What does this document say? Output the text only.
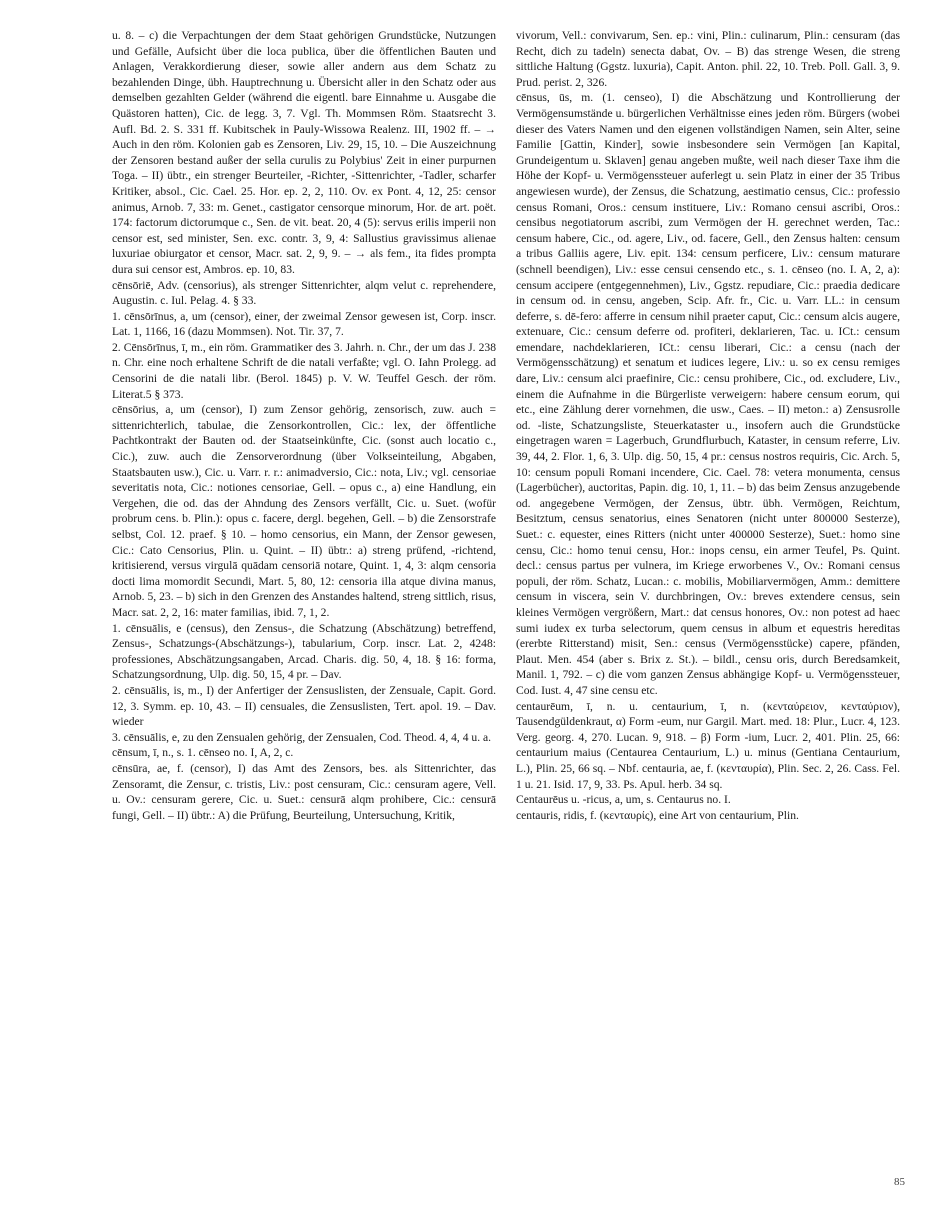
u. 8. – c) die Verpachtungen der dem Staat gehörigen Grundstücke, Nutzungen und Gefälle, Aufsicht über die loca publica, über die öffentlichen Bauten und Anlagen, Verakkordierung dieser, sowie aller andern aus dem Schatz zu bezahlenden Dinge, übh. Hauptrechnung u. Übersicht aller in den Schatz oder aus demselben gezahlten Gelder (während die eigentl. bare Einnahme u. Ausgabe die Quästoren hatten), Cic. de legg. 3, 7. Vgl. Th. Mommsen Röm. Staatsrecht 3. Aufl. Bd. 2. S. 331 ff. Kubitschek in Pauly-Wissowa Realenz. III, 1902 ff. – → Auch in den röm. Kolonien gab es Zensoren, Liv. 29, 15, 10. – Die Auszeichnung der Zensoren bestand außer der sella curulis zu Polybius' Zeit in einer purpurnen Toga. – II) übtr., ein strenger Beurteiler, -Richter, -Sittenrichter, -Tadler, scharfer Kritiker, absol., Cic. Cael. 25. Hor. ep. 2, 2, 110. Ov. ex Pont. 4, 12, 25: censor animus, Arnob. 7, 33: m. Genet., castigator censorque minorum, Hor. de art. poët. 174: factorum dictorumque c., Sen. de vit. beat. 20, 4 (5): servus erilis imperii non censor est, sed minister, Sen. exc. contr. 3, 9, 4: Sallustius gravissimus alienae luxuriae obiurgator et censor, Macr. sat. 2, 9, 9. – → als fem., ita fides prompta dura sui censor est, Ambros. ep. 10, 83.

cēnsōriē, Adv. (censorius), als strenger Sittenrichter, alqm velut c. reprehendere, Augustin. c. Iul. Pelag. 4. § 33.

1. cēnsōrīnus, a, um (censor), einer, der zweimal Zensor gewesen ist, Corp. inscr. Lat. 1, 1166, 16 (dazu Mommsen). Not. Tir. 37, 7.

2. Cēnsōrīnus, ī, m., ein röm. Grammatiker des 3. Jahrh. n. Chr., der um das J. 238 n. Chr. eine noch erhaltene Schrift de die natali verfaßte; vgl. O. Iahn Prolegg. ad Censorini de die natali libr. (Berol. 1845) p. V. W. Teuffel Gesch. der röm. Literat.5 § 373.

cēnsōrius, a, um (censor), I) zum Zensor gehörig, zensorisch, zuw. auch = sittenrichterlich, tabulae, die Zensorkontrollen, Cic.: lex, der öffentliche Pachtkontrakt der Bauten od. der Staatseinkünfte, Cic. (sonst auch locatio c., Cic.), zuw. auch die Zensorverordnung (über Volkseinteilung, Abgaben, Staatsbauten usw.), Cic. u. Varr. r. r.: animadversio, Cic.: nota, Liv.; vgl. censoriae severitatis nota, Cic.: notiones censoriae, Gell. – opus c., a) eine Handlung, ein Vergehen, die od. das der Ahndung des Zensors verfällt, Cic. u. Suet. (wofür probrum cens. b. Plin.): opus c. facere, dergl. begehen, Gell. – b) die Zensorstrafe selbst, Col. 12. praef. § 10. – homo censorius, ein Mann, der Zensor gewesen, Cic.: Cato Censorius, Plin. u. Quint. – II) übtr.: a) streng prüfend, -richtend, kritisierend, versus virgulā quādam censoriā notare, Quint. 1, 4, 3: alqm censoria docti lima momordit Secundi, Mart. 5, 80, 12: censoria illa atque divina manus, Arnob. 5, 23. – b) sich in den Grenzen des Anstandes haltend, streng sittlich, risus, Macr. sat. 2, 2, 16: mater familias, ibid. 7, 1, 2.

1. cēnsuālis, e (census), den Zensus-, die Schatzung (Abschätzung) betreffend, Zensus-, Schatzungs-(Abschätzungs-), tabularium, Corp. inscr. Lat. 2, 4248: professiones, Abschätzungsangaben, Arcad. Charis. dig. 50, 4, 18. § 16: forma, Schatzungsordnung, Ulp. dig. 50, 15, 4 pr. – Dav.

2. cēnsuālis, is, m., I) der Anfertiger der Zensuslisten, der Zensuale, Capit. Gord. 12, 3. Symm. ep. 10, 43. – II) censuales, die Zensuslisten, Tert. apol. 19. – Dav. wieder

3. cēnsuālis, e, zu den Zensualen gehörig, der Zensualen, Cod. Theod. 4, 4, 4 u. a.

cēnsum, ī, n., s. 1. cēnseo no. I, A, 2, c.

cēnsūra, ae, f. (censor), I) das Amt des Zensors, bes. als Sittenrichter, das Zensoramt, die Zensur, c. tristis, Liv.: post censuram, Cic.: censuram agere, Vell. u. Ov.: censuram gerere, Cic. u. Suet.: censurā alqm prohibere, Cic.: censurā fungi, Gell. – II) übtr.: A) die Prüfung, Beurteilung, Untersuchung, Kritik,

vivorum, Vell.: convivarum, Sen. ep.: vini, Plin.: culinarum, Plin.: censuram (das Recht, dich zu tadeln) senecta dabat, Ov. – B) das strenge Wesen, die streng sittliche Haltung (Ggstz. luxuria), Capit. Anton. phil. 22, 10. Treb. Poll. Gall. 3, 9. Prud. perist. 2, 326.

cēnsus, ūs, m. (1. censeo), I) die Abschätzung und Kontrollierung der Vermögensumstände u. bürgerlichen Verhältnisse eines jeden röm. Bürgers (wobei dieser des Vaters Namen und den eigenen vollständigen Namen, sein Alter, seine Familie [Gattin, Kinder], sowie insbesondere sein Vermögen [an Kapital, Grundeigentum u. Sklaven] genau angeben mußte, weil nach dieser Taxe ihm die Höhe der Kopf- u. Vermögenssteuer auferlegt u. sein Platz in einer der 35 Tribus angewiesen wurde), der Zensus, die Schatzung, aestimatio census, Cic.: professio census Romani, Oros.: censum instituere, Liv.: Romano censui ascribi, Oros.: censibus negotiatorum ascribi, zum Vermögen der H. gerechnet werden, Tac.: censum habere, Cic., od. agere, Liv., od. facere, Gell., den Zensus halten: censum a tribus Galliis agere, Liv. epit. 134: censum perficere, Liv.: censum maturare (schnell beendigen), Liv.: esse censui censendo etc., s. 1. cēnseo (no. I. A, 2, a): censum accipere (entgegennehmen), Liv., Ggstz. repudiare, Cic.: praedia dedicare in censum od. in censu, angeben, Scip. Afr. fr., Cic. u. Varr. LL.: in censum deferre, s. dē-fero: afferre in censum nihil praeter caput, Cic.: censum alcis augere, extenuare, Cic.: censum deferre od. profiteri, deklarieren, Tac. u. ICt.: censum emendare, nachdeklarieren, ICt.: censu liberari, Cic.: a censu (nach der Vermögensschätzung) et senatum et iudices legere, Liv.: u. so ex censu remiges dare, Liv.: censum alci praefinire, Cic.: censu prohibere, Cic., od. excludere, Liv., einem die Aufnahme in die Bürgerliste verweigern: habere censum eorum, qui etc., eine Zählung derer vornehmen, die usw., Caes. – II) meton.: a) Zensusrolle od. -liste, Schatzungsliste, Steuerkataster u., insofern auch die Grundstücke eingetragen waren = Lagerbuch, Grundflurbuch, Kataster, in censum referre, Liv. 39, 44, 2. Flor. 1, 6, 3. Ulp. dig. 50, 15, 4 pr.: census nostros requiris, Cic. Arch. 5, 10: censum populi Romani incendere, Cic. Cael. 78: vetera monumenta, census (Lagerbücher), auctoritas, Papin. dig. 10, 1, 11. – b) das beim Zensus anzugebende od. angegebene Vermögen, der Zensus, übtr. übh. Vermögen, Reichtum, Besitztum, census senatorius, eines Senatoren (nicht unter 800000 Sesterze), Suet.: c. equester, eines Ritters (nicht unter 400000 Sesterze), Suet.: homo sine censu, Cic.: homo tenui censu, Hor.: inops censu, ein armer Teufel, Ps. Quint. decl.: census partus per vulnera, im Kriege erworbenes V., Ov.: Romani census populi, der röm. Schatz, Lucan.: c. mobilis, Mobiliarvermögen, Amm.: demittere censum in viscera, sein V. durchbringen, Ov.: breves extendere census, sein kleines Vermögen vergrößern, Mart.: dat census honores, Ov.: non potest ad haec sumi iudex ex turba selectorum, quem census in album et equestris hereditas (ererbte Ritterstand) misit, Sen.: census (Vermögensstücke) capere, pfänden, Plaut. Men. 454 (aber s. Brix z. St.). – bildl., censu oris, durch Beredsamkeit, Manil. 1, 792. – c) die vom ganzen Zensus abhängige Kopf- u. Vermögenssteuer, Cod. Iust. 4, 47 sine censu etc.

centaurēum, ī, n. u. centaurium, ī, n. (κενταύρειον, κενταύριον), Tausendgüldenkraut, α) Form -eum, nur Gargil. Mart. med. 18: Plur., Lucr. 4, 123. Verg. georg. 4, 270. Lucan. 9, 918. – β) Form -ium, Lucr. 2, 401. Plin. 25, 66: centaurium maius (Centaurea Centaurium, L.) u. minus (Gentiana Centaurium, L.), Plin. 25, 66 sq. – Nbf. centauria, ae, f. (κενταυρία), Plin. Sec. 2, 26. Cass. Fel. 1 u. 21. Isid. 17, 9, 33. Ps. Apul. herb. 34 sq.

Centaurēus u. -ricus, a, um, s. Centaurus no. I.

centauris, ridis, f. (κενταυρίς), eine Art von centaurium, Plin.

85
